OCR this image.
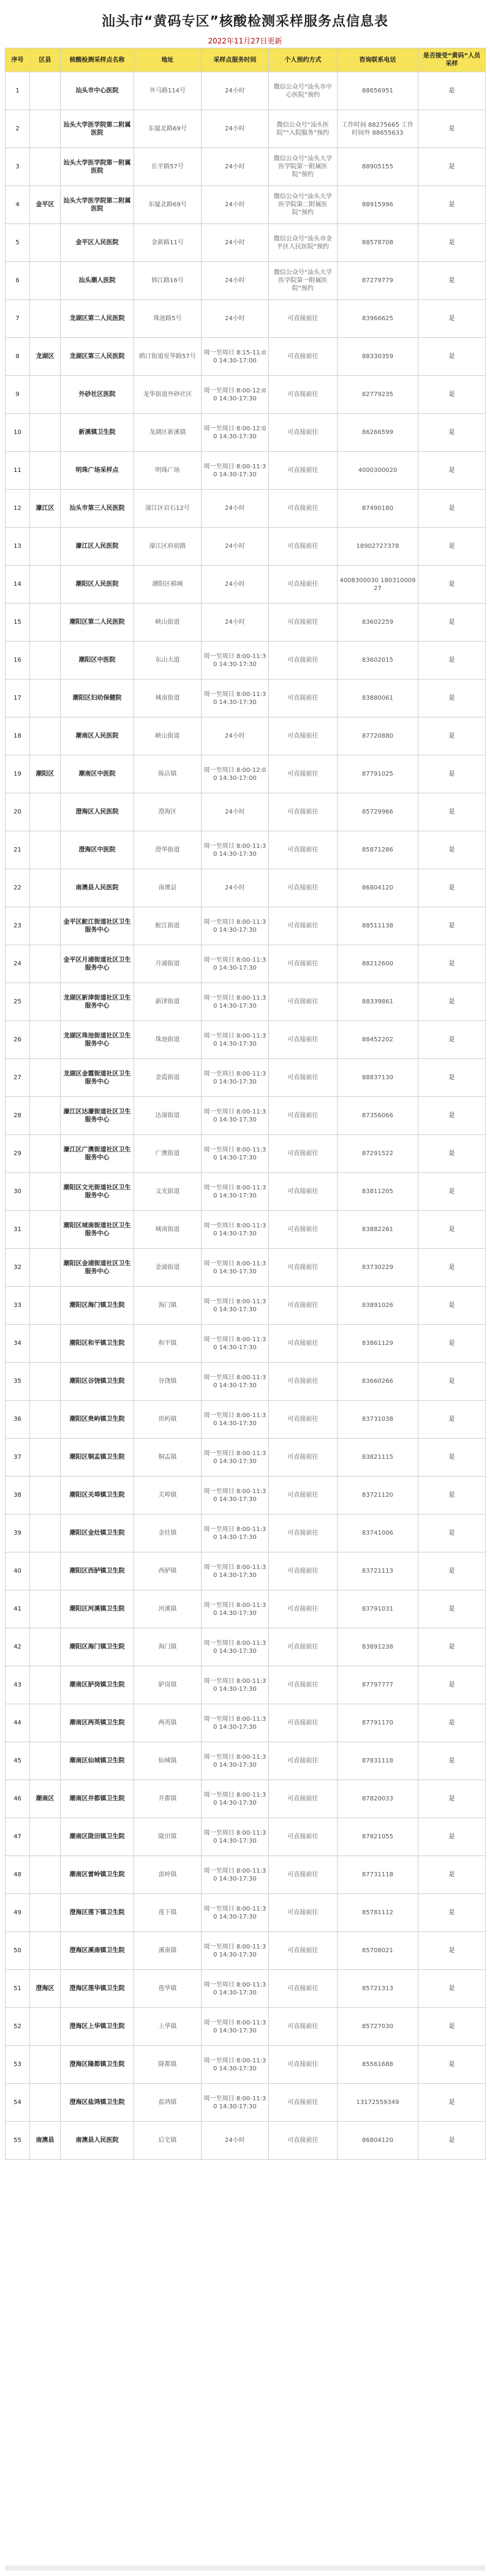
汕头市“黄码专区”核酸检测采样服务点信息表
2022年11月27日更新
序号	区县	核酸检测采样点名称	地址	采样点服务时间	个人预约方式	咨询联系电话	是否接受“黄码”人员采样
1		汕头市中心医院	外马路114号	24小时	微信公众号“汕头市中心医院”预约	88656951	是
2		汕头大学医学院第二附属医院	东厦北路69号	24小时	微信公众号“汕头医院”“入院服务”预约	工作时间 88275665 工作时间外 88655633	是
3		汕头大学医学院第一附属医院	长平路57号	24小时	微信公众号“汕头大学医学院第一附属医院”预约	88905155	是
4	金平区	汕头大学医学院第二附属医院	东厦北路69号	24小时	微信公众号“汕头大学医学院第二附属医院”预约	88915996	是
5		金平区人民医院	金新路11号	24小时	微信公众号“汕头市金平区人民医院”预约	88578708	是
6		汕头潮人医院	韩江路16号	24小时	微信公众号“汕头大学医学院第一附属医院”预约	87279779	是
7		龙湖区第二人民医院	珠池路5号	24小时	可直接前往	83966625	是
8	龙湖区	龙湖区第三人民医院	鸥汀街道星华路57号	周一至周日 8:15-11:00 14:30-17:00	可直接前往	88330359	是
9		外砂社区医院	龙华街道外砂社区	周一至周日 8:00-12:00 14:30-17:30	可直接前往	82779235	是
10		新溪镇卫生院	龙湖区新溪镇	周一至周日 8:00-12:00 14:30-17:30	可直接前往	86266599	是
11		明珠广场采样点	明珠广场	周一至周日 8:00-11:30 14:30-17:30	可直接前往	4000300020	是
12	濠江区	汕头市第三人民医院	濠江区岩石12号	24小时	可直接前往	87490180	是
13		濠江区人民医院	濠江区府前路	24小时	可直接前往	18902727378	是
14		潮阳区人民医院	潮阳区棉城	24小时	可直接前往	4008300030 18031000927	是
15		潮阳区第二人民医院	峡山街道	24小时	可直接前往	83602259	是
16		潮阳区中医院	东山大道	周一至周日 8:00-11:30 14:30-17:30	可直接前往	83602015	是
17		潮阳区妇幼保健院	城南街道	周一至周日 8:00-11:30 14:30-17:30	可直接前往	83880061	是
18		潮南区人民医院	峡山街道	24小时	可直接前往	87720880	是
19	潮阳区	潮南区中医院	陈店镇	周一至周日 8:00-12:00 14:30-17:00	可直接前往	87791025	是
20		澄海区人民医院	澄海区	24小时	可直接前往	85729966	是
21		澄海区中医院	澄华街道	周一至周日 8:00-11:30 14:30-17:30	可直接前往	85871286	是
22		南澳县人民医院	南澳县	24小时	可直接前往	86804120	是
23		金平区鮀江街道社区卫生服务中心	鮀江街道	周一至周日 8:00-11:30 14:30-17:30	可直接前往	88511138	是
24		金平区月浦街道社区卫生服务中心	月浦街道	周一至周日 8:00-11:30 14:30-17:30	可直接前往	88212600	是
25		龙湖区新津街道社区卫生服务中心	新津街道	周一至周日 8:00-11:30 14:30-17:30	可直接前往	88339861	是
26		龙湖区珠池街道社区卫生服务中心	珠池街道	周一至周日 8:00-11:30 14:30-17:30	可直接前往	88452202	是
27		龙湖区金霞街道社区卫生服务中心	金霞街道	周一至周日 8:00-11:30 14:30-17:30	可直接前往	88837130	是
28		濠江区达濠街道社区卫生服务中心	达濠街道	周一至周日 8:00-11:30 14:30-17:30	可直接前往	87356066	是
29		濠江区广澳街道社区卫生服务中心	广澳街道	周一至周日 8:00-11:30 14:30-17:30	可直接前往	87291522	是
30		潮阳区文光街道社区卫生服务中心	文光街道	周一至周日 8:00-11:30 14:30-17:30	可直接前往	83811205	是
31		潮阳区城南街道社区卫生服务中心	城南街道	周一至周日 8:00-11:30 14:30-17:30	可直接前往	83882261	是
32		潮阳区金浦街道社区卫生服务中心	金浦街道	周一至周日 8:00-11:30 14:30-17:30	可直接前往	83730229	是
33		潮阳区海门镇卫生院	海门镇	周一至周日 8:00-11:30 14:30-17:30	可直接前往	83891026	是
34		潮阳区和平镇卫生院	和平镇	周一至周日 8:00-11:30 14:30-17:30	可直接前往	83861129	是
35		潮阳区谷饶镇卫生院	谷饶镇	周一至周日 8:00-11:30 14:30-17:30	可直接前往	83660266	是
36		潮阳区贵屿镇卫生院	贵屿镇	周一至周日 8:00-11:30 14:30-17:30	可直接前往	83731038	是
37		潮阳区铜盂镇卫生院	铜盂镇	周一至周日 8:00-11:30 14:30-17:30	可直接前往	83821115	是
38		潮阳区关埠镇卫生院	关埠镇	周一至周日 8:00-11:30 14:30-17:30	可直接前往	83721120	是
39		潮阳区金灶镇卫生院	金灶镇	周一至周日 8:00-11:30 14:30-17:30	可直接前往	83741006	是
40		潮阳区西胪镇卫生院	西胪镇	周一至周日 8:00-11:30 14:30-17:30	可直接前往	83721113	是
41		潮阳区河溪镇卫生院	河溪镇	周一至周日 8:00-11:30 14:30-17:30	可直接前往	83791031	是
42		潮阳区海门镇卫生院	海门镇	周一至周日 8:00-11:30 14:30-17:30	可直接前往	83891238	是
43		潮南区胪岗镇卫生院	胪岗镇	周一至周日 8:00-11:30 14:30-17:30	可直接前往	87797777	是
44		潮南区两英镇卫生院	两英镇	周一至周日 8:00-11:30 14:30-17:30	可直接前往	87791170	是
45		潮南区仙城镇卫生院	仙城镇	周一至周日 8:00-11:30 14:30-17:30	可直接前往	87831118	是
46	潮南区	潮南区井都镇卫生院	井都镇	周一至周日 8:00-11:30 14:30-17:30	可直接前往	87820033	是
47		潮南区陇田镇卫生院	陇田镇	周一至周日 8:00-11:30 14:30-17:30	可直接前往	87821055	是
48		潮南区雷岭镇卫生院	雷岭镇	周一至周日 8:00-11:30 14:30-17:30	可直接前往	87731118	是
49		澄海区莲下镇卫生院	莲下镇	周一至周日 8:00-11:30 14:30-17:30	可直接前往	85781112	是
50		澄海区溪南镇卫生院	溪南镇	周一至周日 8:00-11:30 14:30-17:30	可直接前往	85708021	是
51	澄海区	澄海区莲华镇卫生院	莲华镇	周一至周日 8:00-11:30 14:30-17:30	可直接前往	85721313	是
52		澄海区上华镇卫生院	上华镇	周一至周日 8:00-11:30 14:30-17:30	可直接前往	85727030	是
53		澄海区隆都镇卫生院	隆都镇	周一至周日 8:00-11:30 14:30-17:30	可直接前往	85561688	是
54		澄海区盐鸿镇卫生院	盐鸿镇	周一至周日 8:00-11:30 14:30-17:30	可直接前往	13172559349	是
55	南澳县	南澳县人民医院	后宅镇	24小时	可直接前往	86804120	是
